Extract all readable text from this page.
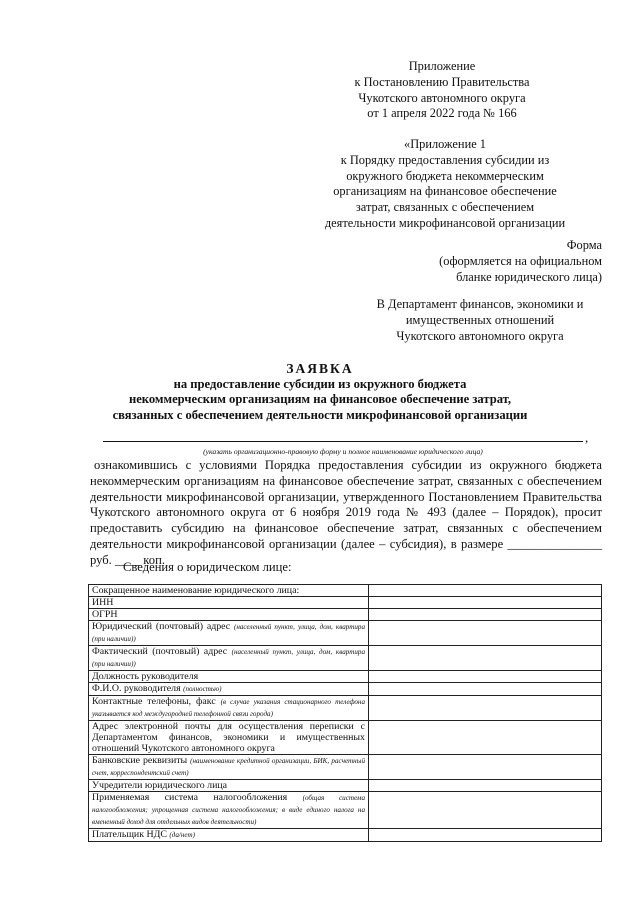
Приложение
к Постановлению Правительства
Чукотского автономного округа
от 1 апреля 2022 года № 166
«Приложение 1
к Порядку предоставления субсидии из
окружного бюджета некоммерческим
организациям на финансовое обеспечение
затрат, связанных с обеспечением
деятельности микрофинансовой организации
Форма
(оформляется на официальном
бланке юридического лица)
В Департамент финансов, экономики и
имущественных отношений
Чукотского автономного округа
ЗАЯВКА
на предоставление субсидии из окружного бюджета
некоммерческим организациям на финансовое обеспечение затрат,
связанных с обеспечением деятельности микрофинансовой организации
,
(указать организационно-правовую форму и полное наименование юридического лица)
ознакомившись с условиями Порядка предоставления субсидии из окружного бюджета некоммерческим организациям на финансовое обеспечение затрат, связанных с обеспечением деятельности микрофинансовой организации, утвержденного Постановлением Правительства Чукотского автономного округа от 6 ноября 2019 года № 493 (далее – Порядок), просит предоставить субсидию на финансовое обеспечение затрат, связанных с обеспечением деятельности микрофинансовой организации (далее – субсидия), в размере _______________ руб. ____ коп.
Сведения о юридическом лице:
Сокращенное наименование юридического лица:	
ИНН	
ОГРН	
Юридический (почтовый) адрес (населенный пункт, улица, дом, квартира (при наличии))	
Фактический (почтовый) адрес (населенный пункт, улица, дом, квартира (при наличии))	
Должность руководителя	
Ф.И.О. руководителя (полностью)	
Контактные телефоны, факс (в случае указания стационарного телефона указывается код междугородней телефонной связи города)	
Адрес электронной почты для осуществления переписки с Департаментом финансов, экономики и имущественных отношений Чукотского автономного округа	
Банковские реквизиты (наименование кредитной организации, БИК, расчетный счет, корреспондентский счет)	
Учредители юридического лица	
Применяемая система налогообложения (общая система налогообложения; упрощенная система налогообложения; в виде единого налога на вмененный доход для отдельных видов деятельности)	
Плательщик НДС (да/нет)	
